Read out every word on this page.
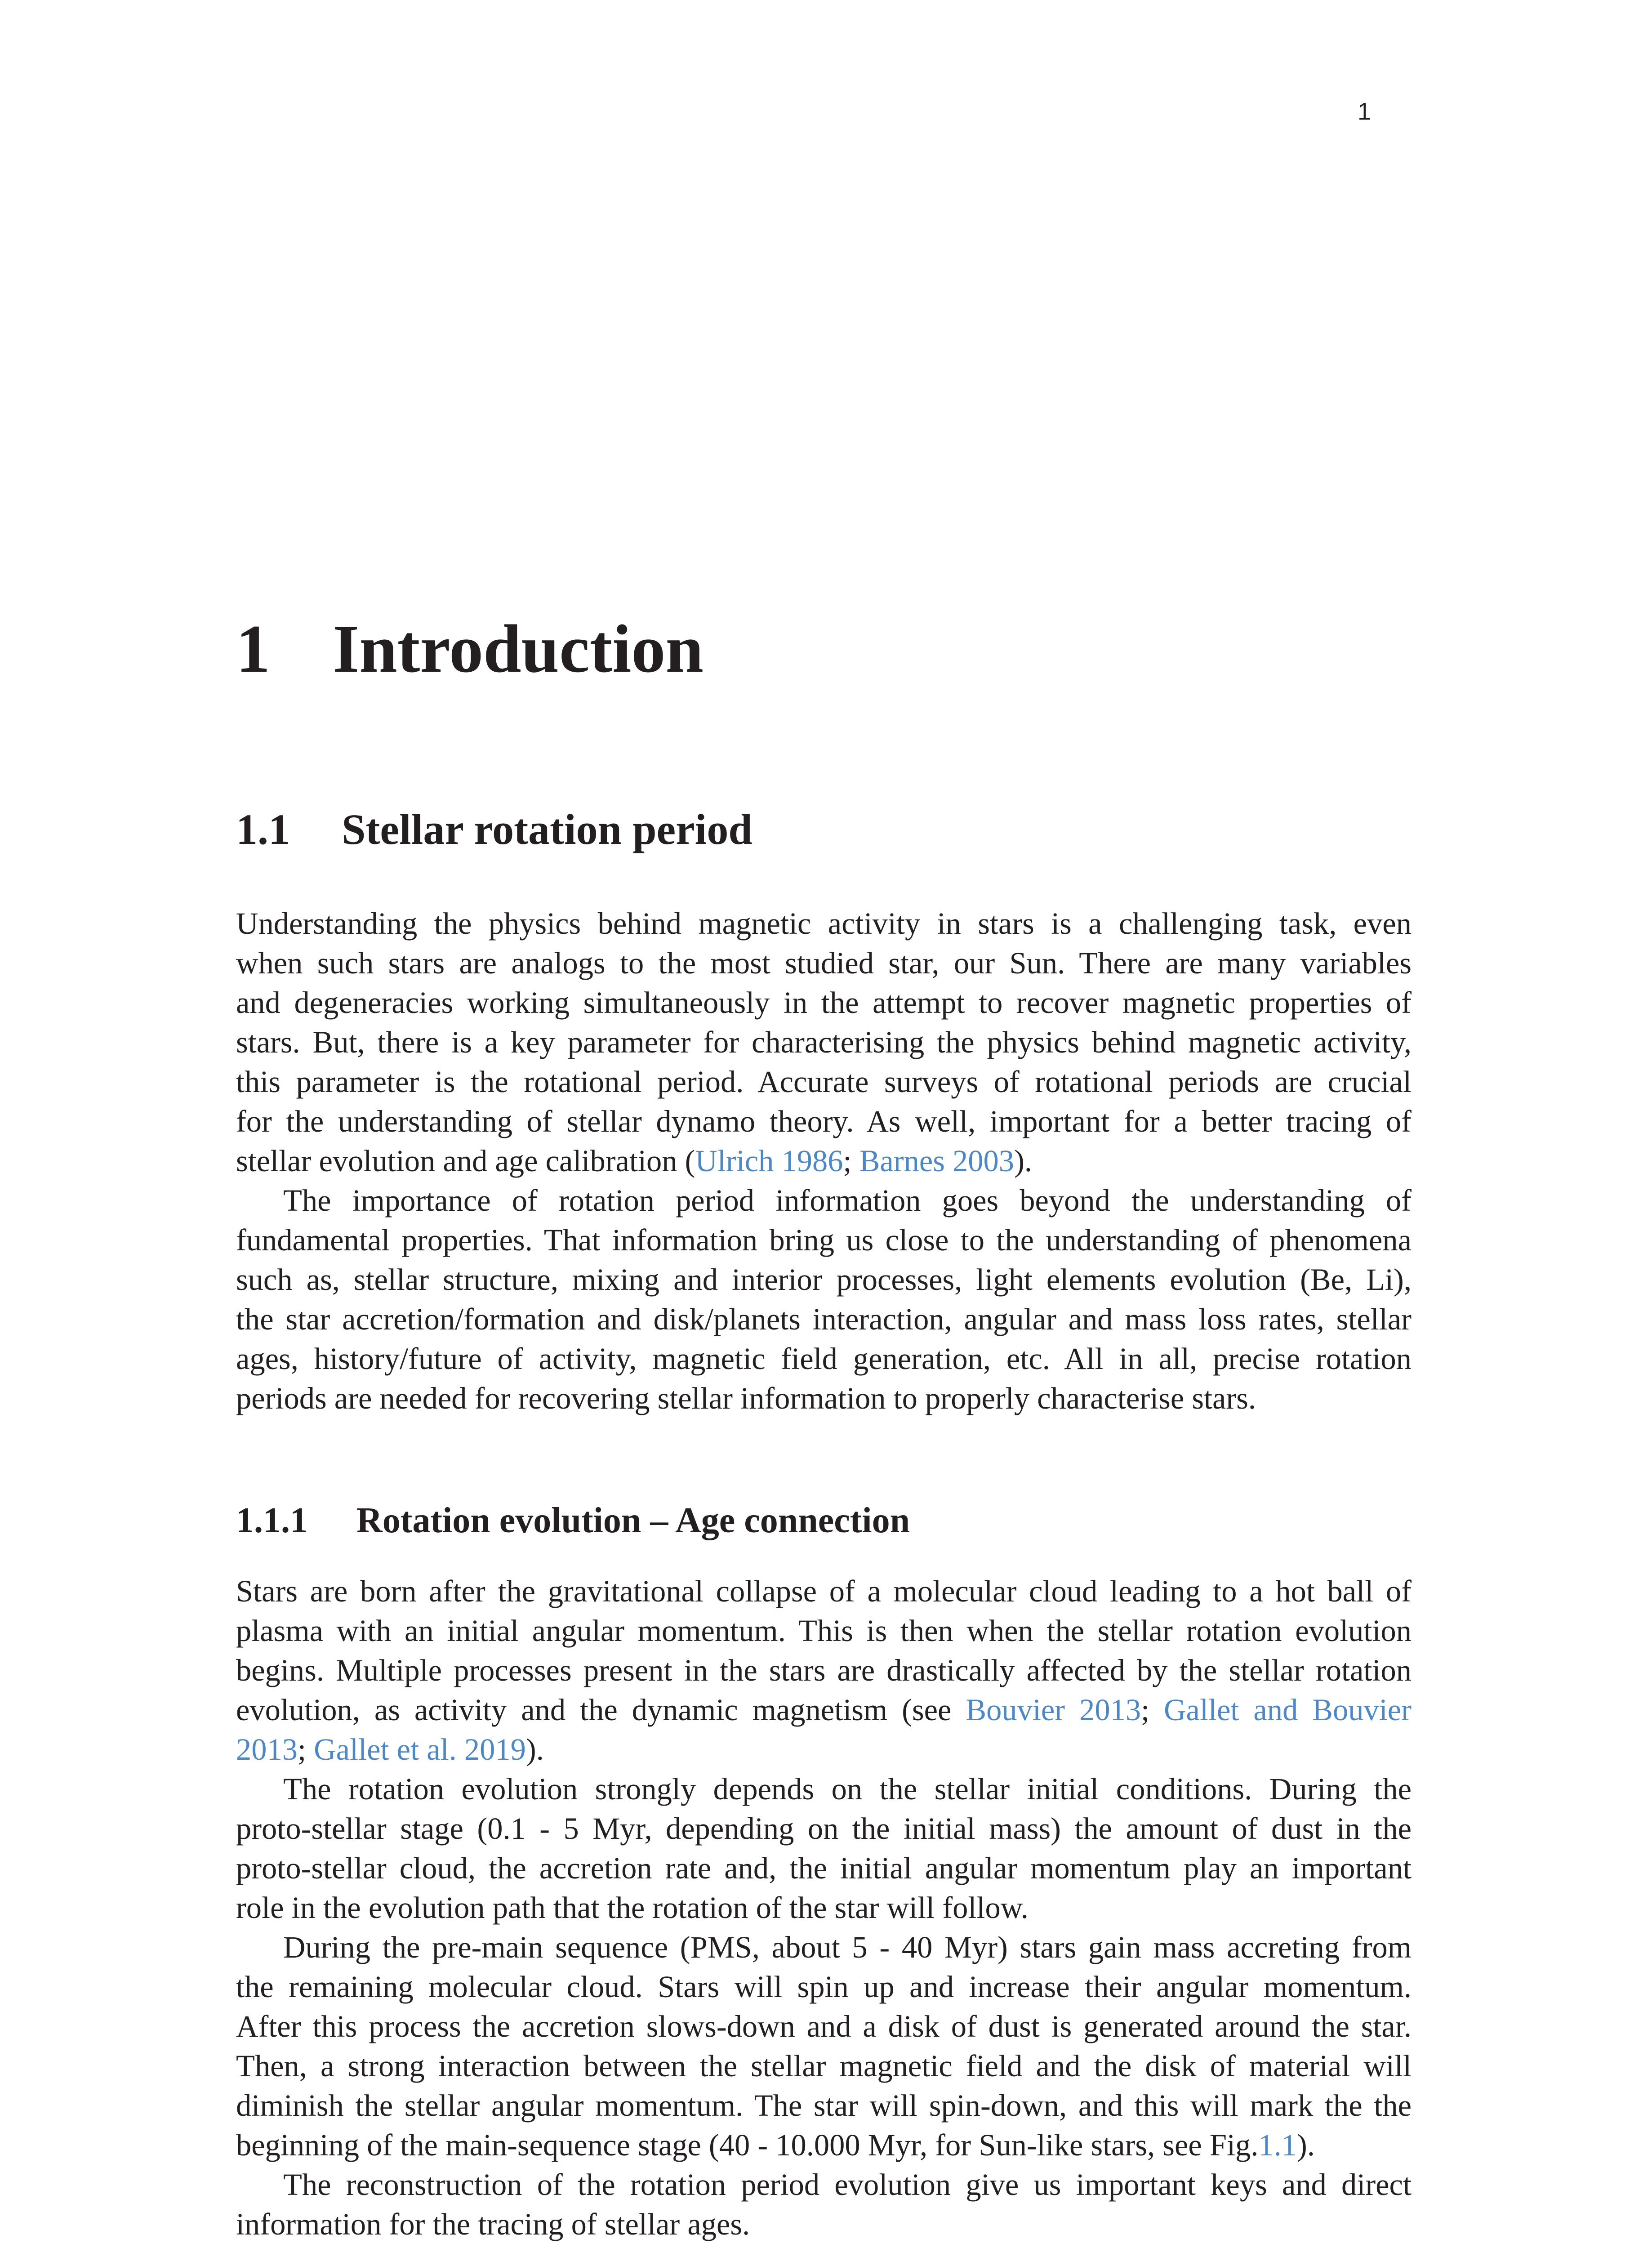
1
1 Introduction
1.1 Stellar rotation period
Understanding the physics behind magnetic activity in stars is a challenging task, even
when such stars are analogs to the most studied star, our Sun. There are many variables
and degeneracies working simultaneously in the attempt to recover magnetic properties of
stars. But, there is a key parameter for characterising the physics behind magnetic activity,
this parameter is the rotational period. Accurate surveys of rotational periods are crucial
for the understanding of stellar dynamo theory. As well, important for a better tracing of
stellar evolution and age calibration (Ulrich 1986; Barnes 2003).
The importance of rotation period information goes beyond the understanding of
fundamental properties. That information bring us close to the understanding of phenomena
such as, stellar structure, mixing and interior processes, light elements evolution (Be, Li),
the star accretion/formation and disk/planets interaction, angular and mass loss rates, stellar
ages, history/future of activity, magnetic field generation, etc. All in all, precise rotation
periods are needed for recovering stellar information to properly characterise stars.
1.1.1 Rotation evolution – Age connection
Stars are born after the gravitational collapse of a molecular cloud leading to a hot ball of
plasma with an initial angular momentum. This is then when the stellar rotation evolution
begins. Multiple processes present in the stars are drastically affected by the stellar rotation
evolution, as activity and the dynamic magnetism (see Bouvier 2013; Gallet and Bouvier
2013; Gallet et al. 2019).
The rotation evolution strongly depends on the stellar initial conditions. During the
proto-stellar stage (0.1 - 5 Myr, depending on the initial mass) the amount of dust in the
proto-stellar cloud, the accretion rate and, the initial angular momentum play an important
role in the evolution path that the rotation of the star will follow.
During the pre-main sequence (PMS, about 5 - 40 Myr) stars gain mass accreting from
the remaining molecular cloud. Stars will spin up and increase their angular momentum.
After this process the accretion slows-down and a disk of dust is generated around the star.
Then, a strong interaction between the stellar magnetic field and the disk of material will
diminish the stellar angular momentum. The star will spin-down, and this will mark the the
beginning of the main-sequence stage (40 - 10.000 Myr, for Sun-like stars, see Fig.1.1).
The reconstruction of the rotation period evolution give us important keys and direct
information for the tracing of stellar ages.
